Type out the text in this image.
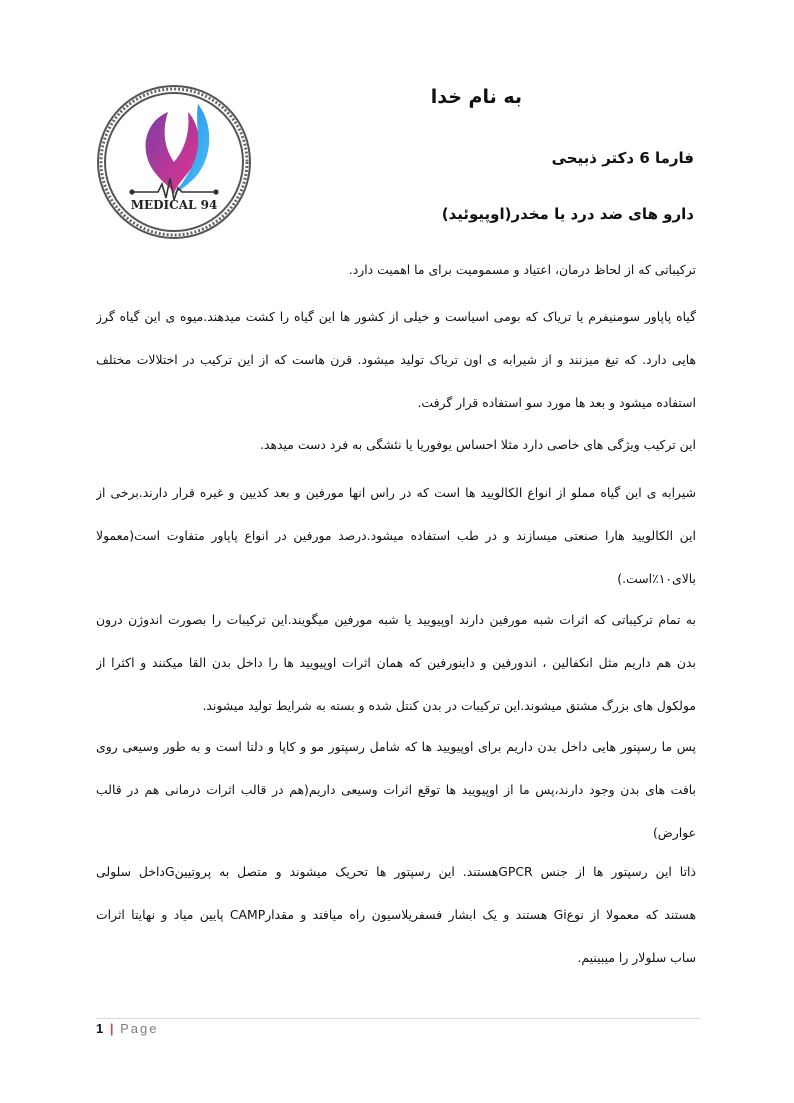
MEDICAL 94
به نام خدا
فارما 6 دکتر ذبیحی
دارو های ضد درد یا مخدر(اوپیوئید)
ترکیباتی که از لحاظ درمان، اعتیاد و مسمومیت برای ما اهمیت دارد.
گیاه پاپاور سومنیفرم یا تریاک که بومی اسیاست و خیلی از کشور ها این گیاه را کشت میدهند.میوه ی این گیاه گرز
هایی دارد. که تیغ میزنند و از شیرابه ی اون تریاک تولید میشود. قرن هاست که از این ترکیب در اختلالات مختلف
استفاده میشود و بعد ها مورد سو استفاده قرار گرفت.
این ترکیب ویژگی های خاصی دارد مثلا احساس یوفوریا یا نئشگی به فرد دست میدهد.
شیرابه ی این گیاه مملو از انواع الکالویید ها است که در راس انها مورفین و بعد کدیین و غیره قرار دارند.برخی از
این الکالویید هارا صنعتی میسازند و در طب استفاده میشود.درصد مورفین در انواع پاپاور متفاوت است(معمولا
بالای۱۰٪است.)
به تمام ترکیباتی که اثرات شبه مورفین دارند اوپیویید یا شبه مورفین میگویند.این ترکیبات را بصورت اندوژن درون
بدن هم داریم مثل انکفالین ، اندورفین و داینورفین که همان اثرات اوپیویید ها را داخل بدن القا میکنند و اکثرا از
مولکول های بزرگ مشتق میشوند.این ترکیبات در بدن کنتل شده و بسته به شرایط تولید میشوند.
پس ما رسپتور هایی داخل بدن داریم برای اوپیویید ها که شامل رسپتور مو و کاپا و دلتا است و به طور وسیعی روی
بافت های بدن وجود دارند،پس ما از اوپیویید ها توقع اثرات وسیعی داریم(هم در قالب اثرات درمانی هم در قالب
عوارض)
ذاتا این رسپتور ها از جنس GPCRهستند. این رسپتور ها تحریک میشوند و متصل به پروتیینGداخل سلولی
هستند که معمولا از نوعGi هستند و یک ابشار فسفریلاسیون راه میافتد و مقدارCAMP پایین میاد و نهایتا اثرات
ساب سلولار را میبینیم.
1 | Page
